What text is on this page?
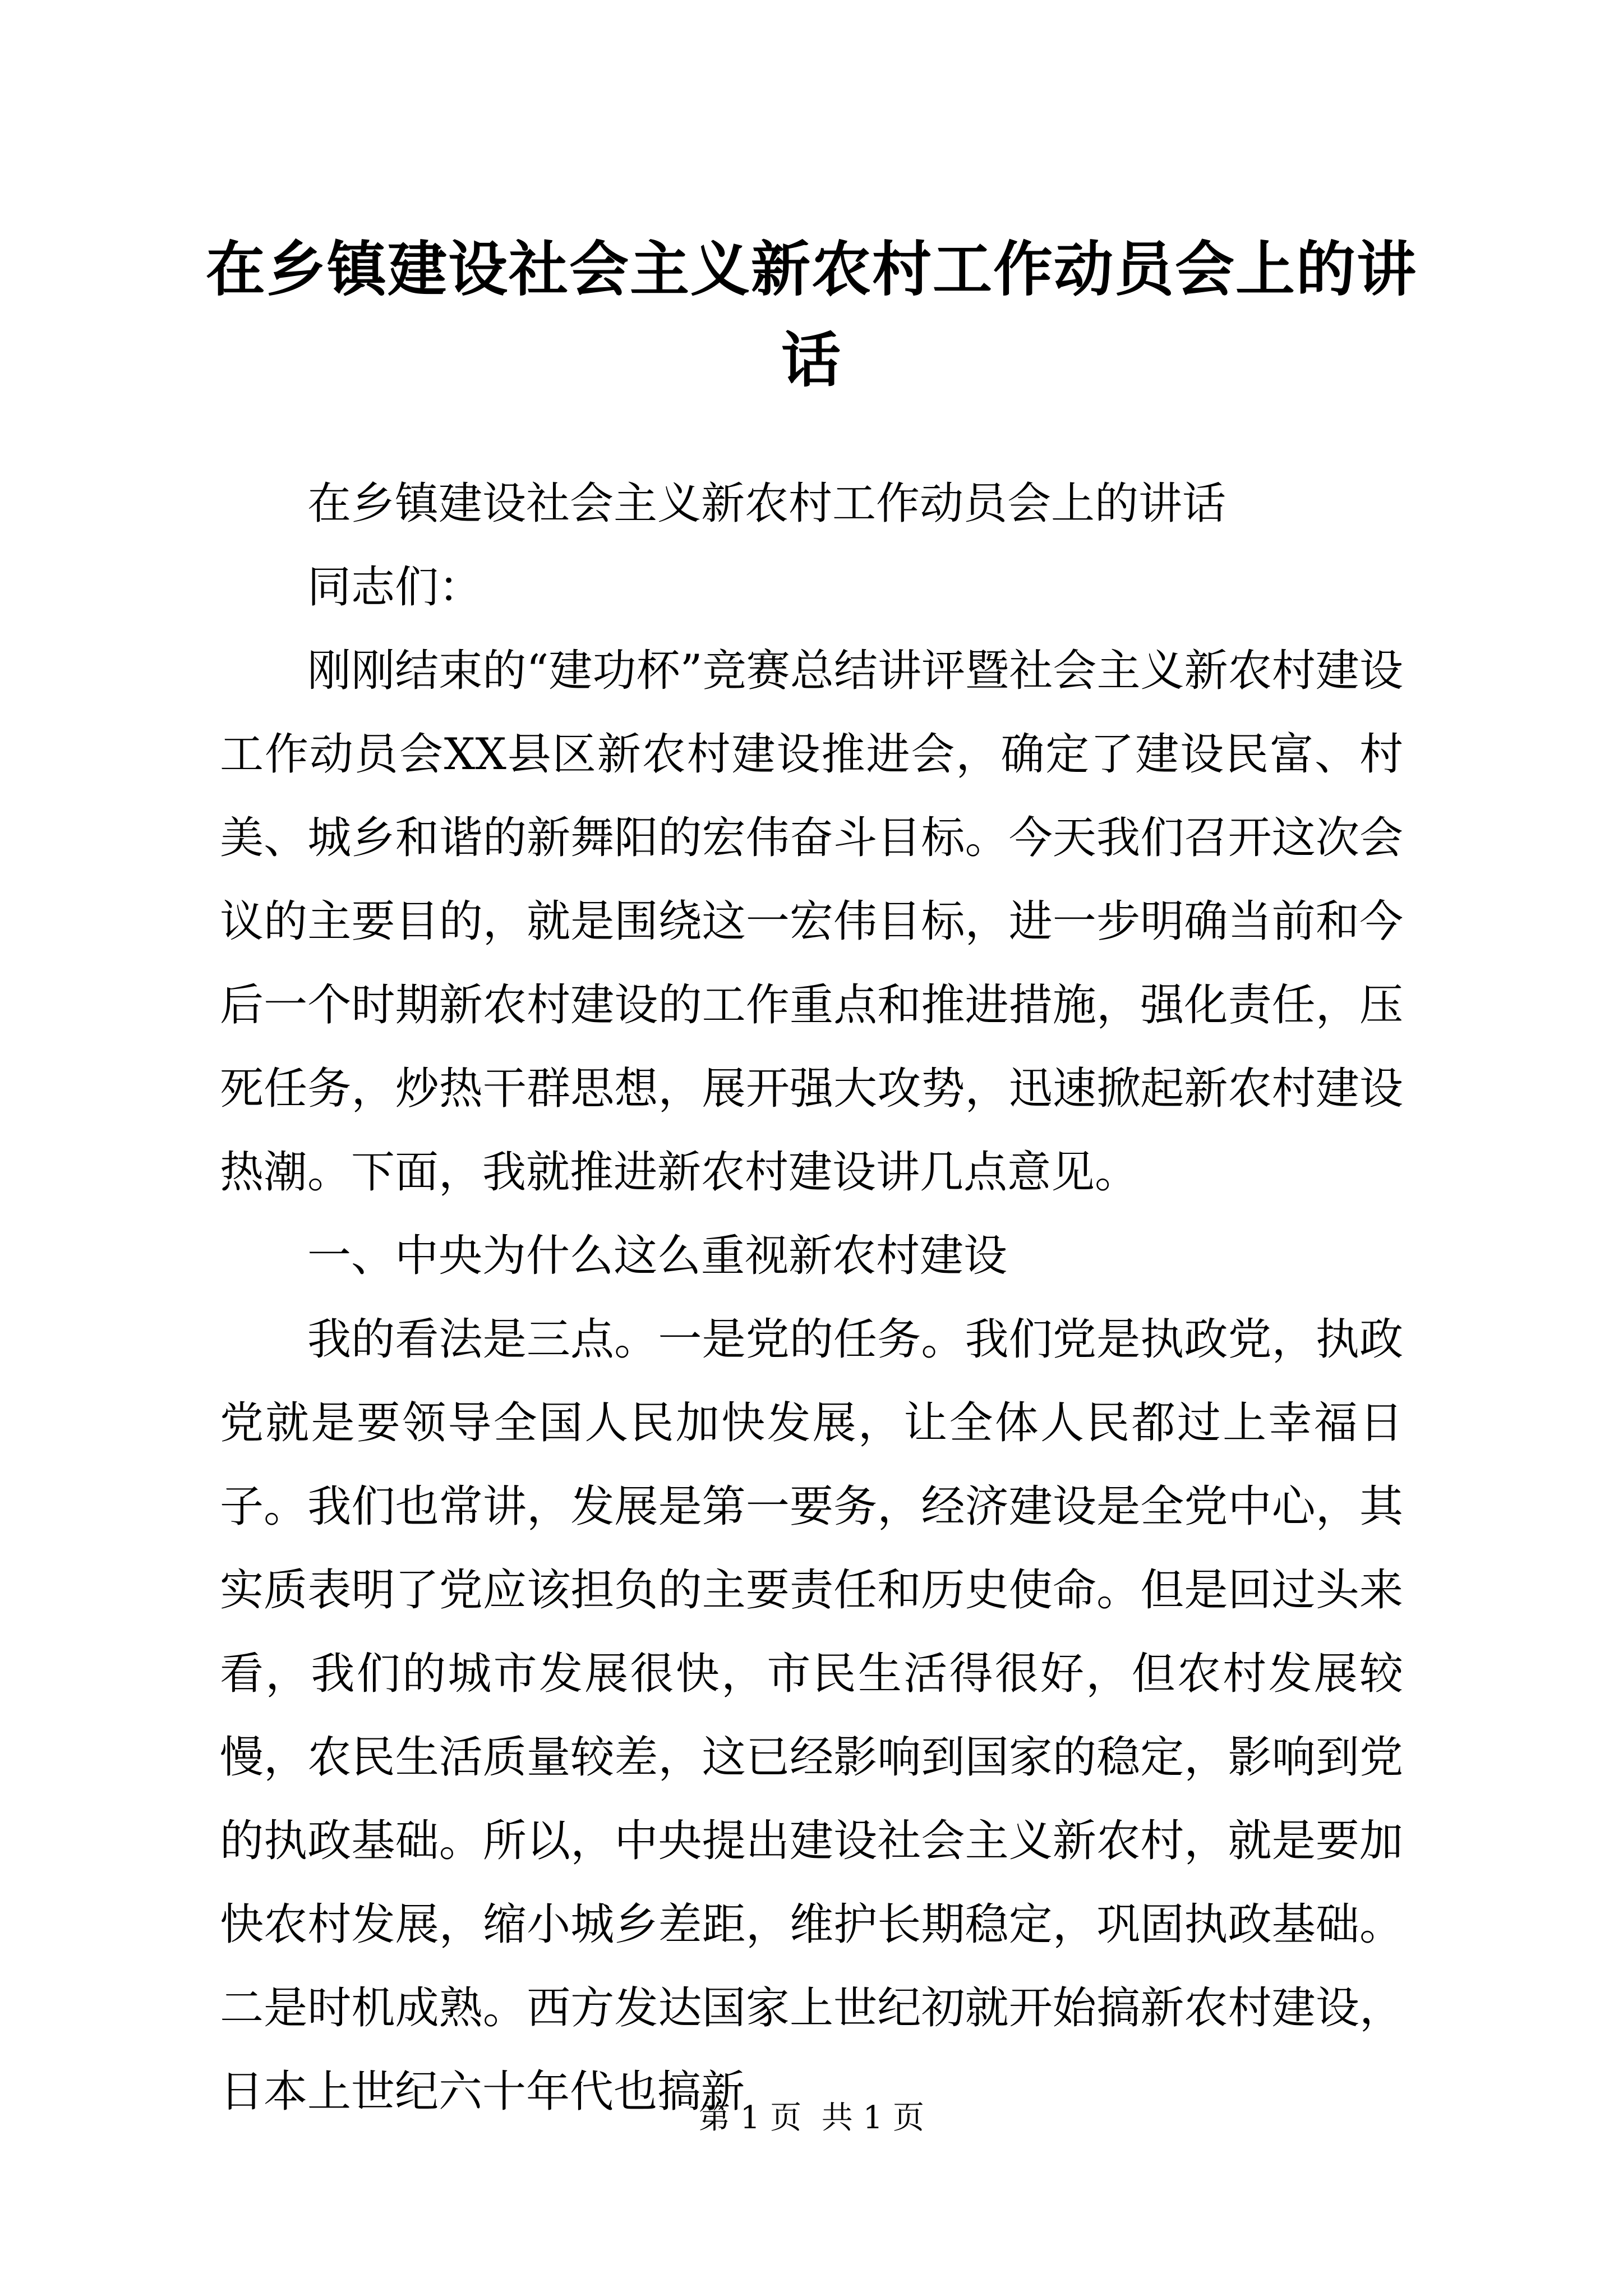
在乡镇建设社会主义新农村工作动员会上的讲话

在乡镇建设社会主义新农村工作动员会上的讲话

同志们：

刚刚结束的“建功杯”竞赛总结讲评暨社会主义新农村建设工作动员会XX县区新农村建设推进会，确定了建设民富、村美、城乡和谐的新舞阳的宏伟奋斗目标。今天我们召开这次会议的主要目的，就是围绕这一宏伟目标，进一步明确当前和今后一个时期新农村建设的工作重点和推进措施，强化责任，压死任务，炒热干群思想，展开强大攻势，迅速掀起新农村建设热潮。下面，我就推进新农村建设讲几点意见。

一、中央为什么这么重视新农村建设

我的看法是三点。一是党的任务。我们党是执政党，执政党就是要领导全国人民加快发展，让全体人民都过上幸福日子。我们也常讲，发展是第一要务，经济建设是全党中心，其实质表明了党应该担负的主要责任和历史使命。但是回过头来看，我们的城市发展很快，市民生活得很好，但农村发展较慢，农民生活质量较差，这已经影响到国家的稳定，影响到党的执政基础。所以，中央提出建设社会主义新农村，就是要加快农村发展，缩小城乡差距，维护长期稳定，巩固执政基础。二是时机成熟。西方发达国家上世纪初就开始搞新农村建设，日本上世纪六十年代也搞新

第 1 页  共 1 页
